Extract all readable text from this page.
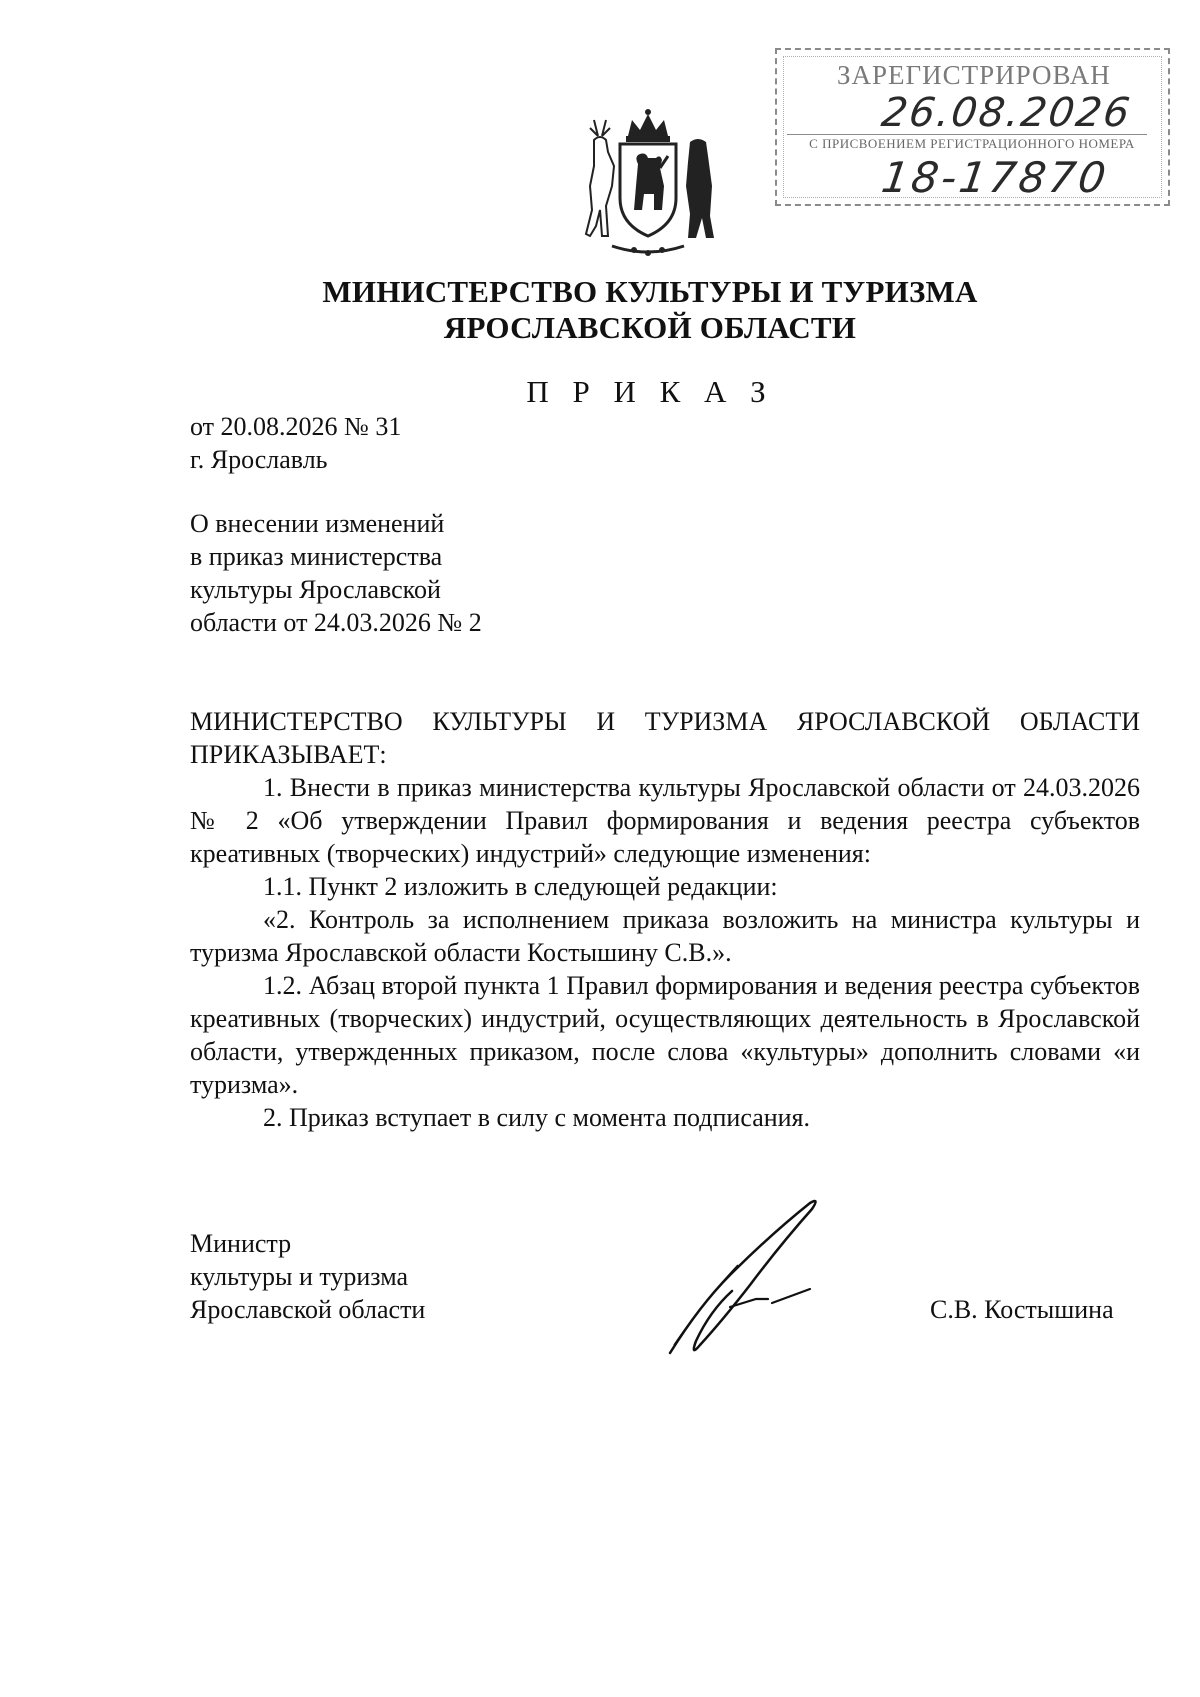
ЗАРЕГИСТРИРОВАН
26.08.2026
С ПРИСВОЕНИЕМ РЕГИСТРАЦИОННОГО НОМЕРА
18-17870
МИНИСТЕРСТВО КУЛЬТУРЫ И ТУРИЗМА
ЯРОСЛАВСКОЙ ОБЛАСТИ
П Р И К А З
от 20.08.2026 № 31
г. Ярославль
О внесении изменений
в приказ министерства
культуры Ярославской
области от 24.03.2026 № 2

МИНИСТЕРСТВО КУЛЬТУРЫ И ТУРИЗМА ЯРОСЛАВСКОЙ ОБЛАСТИ ПРИКАЗЫВАЕТ:

1. Внести в приказ министерства культуры Ярославской области от 24.03.2026 № 2 «Об утверждении Правил формирования и ведения реестра субъектов креативных (творческих) индустрий» следующие изменения:

1.1. Пункт 2 изложить в следующей редакции:

«2. Контроль за исполнением приказа возложить на министра культуры и туризма Ярославской области Костышину С.В.».

1.2. Абзац второй пункта 1 Правил формирования и ведения реестра субъектов креативных (творческих) индустрий, осуществляющих деятельность в Ярославской области, утвержденных приказом, после слова «культуры» дополнить словами «и туризма».

2. Приказ вступает в силу с момента подписания.

Министр
культуры и туризма
Ярославской области	С.В. Костышина
